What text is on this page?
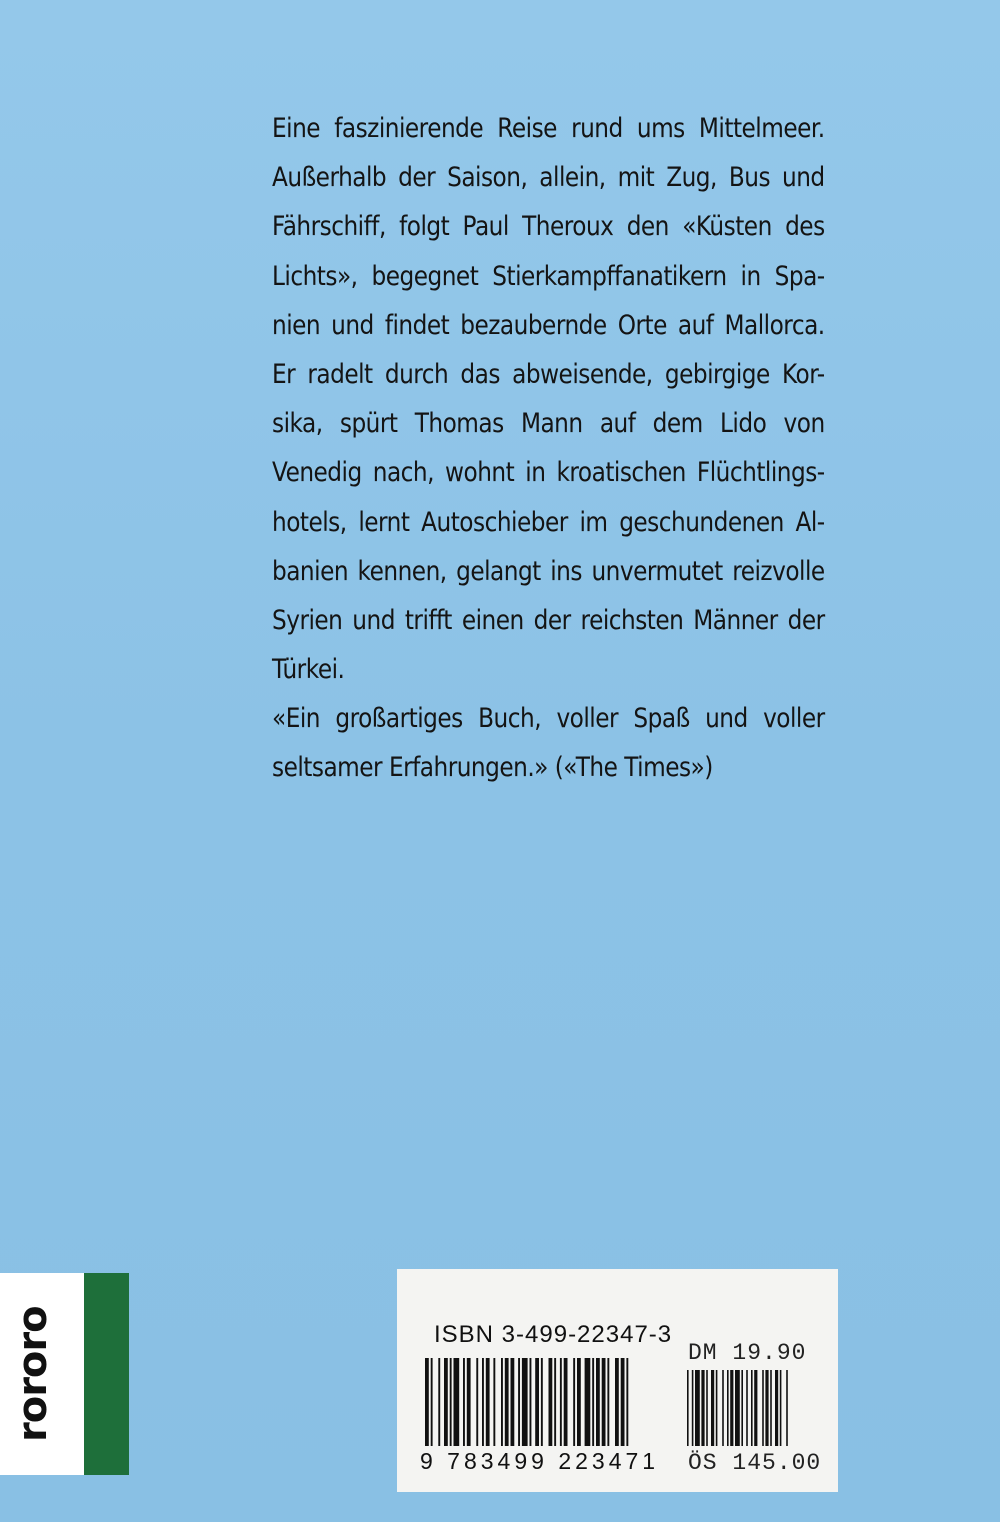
Eine faszinierende Reise rund ums Mittelmeer.
Außerhalb der Saison, allein, mit Zug, Bus und
Fährschiff, folgt Paul Theroux den «Küsten des
Lichts», begegnet Stierkampffanatikern in Spa-
nien und findet bezaubernde Orte auf Mallorca.
Er radelt durch das abweisende, gebirgige Kor-
sika, spürt Thomas Mann auf dem Lido von
Venedig nach, wohnt in kroatischen Flüchtlings-
hotels, lernt Autoschieber im geschundenen Al-
banien kennen, gelangt ins unvermutet reizvolle
Syrien und trifft einen der reichsten Männer der
Türkei.
«Ein großartiges Buch, voller Spaß und voller
seltsamer Erfahrungen.» («The Times»)
rororo	ISBN 3-499-22347-3
9 783499 223471
DM 19.90
ÖS 145.00
